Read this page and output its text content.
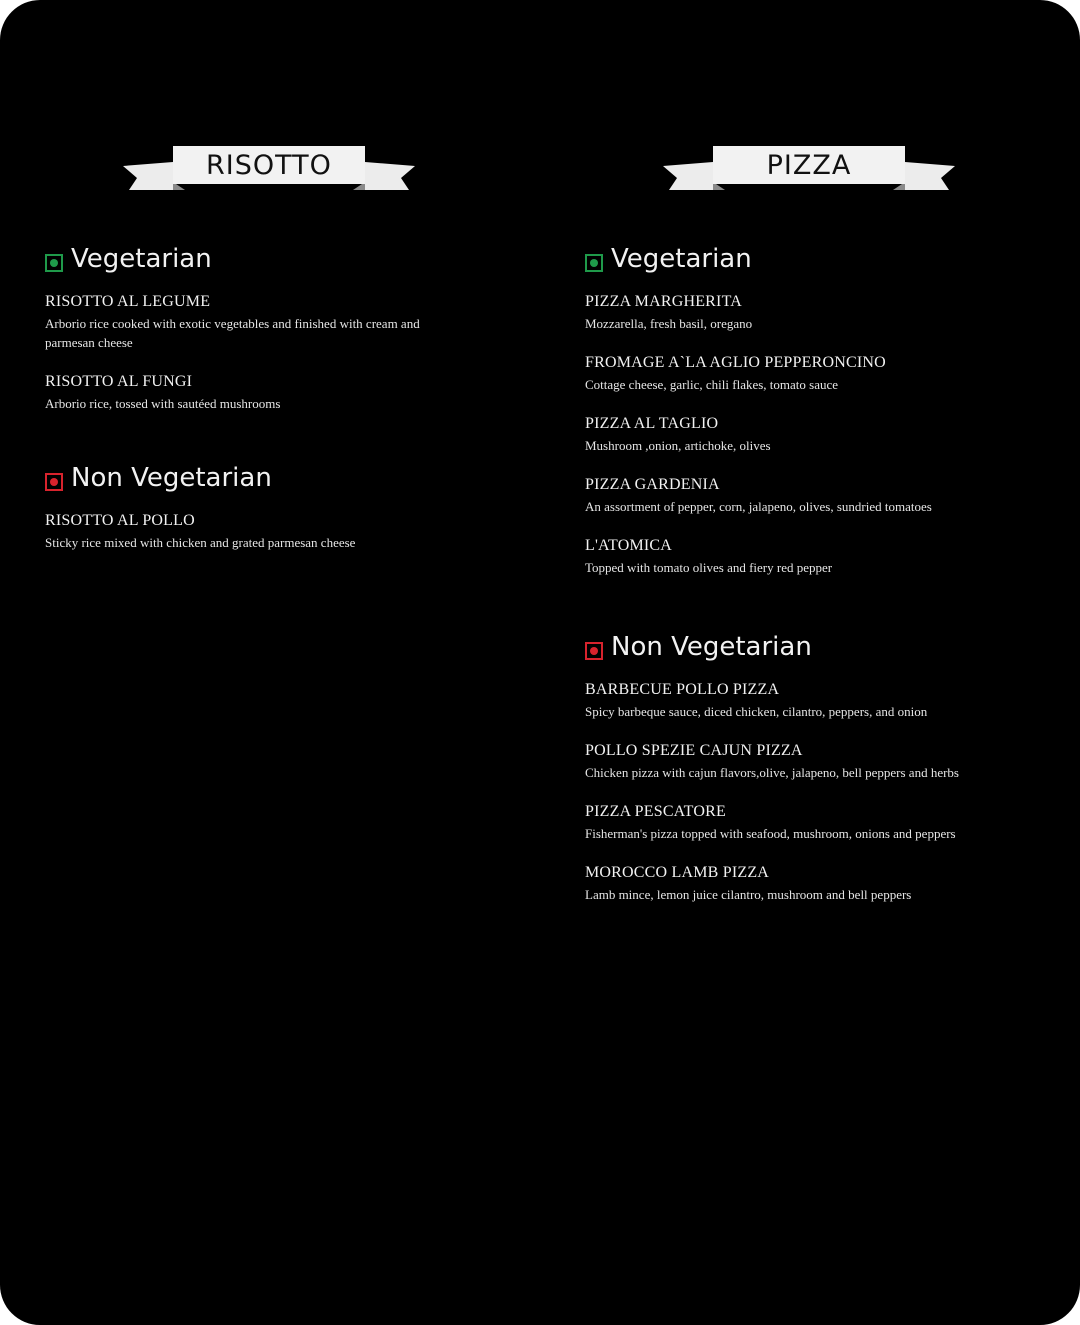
RISOTTO
Vegetarian
RISOTTO AL LEGUME
Arborio rice cooked with exotic vegetables and finished with cream and parmesan cheese
RISOTTO AL FUNGI
Arborio rice, tossed with sautéed mushrooms
Non Vegetarian
RISOTTO AL POLLO
Sticky rice mixed with chicken and grated parmesan cheese
PIZZA
Vegetarian
PIZZA MARGHERITA
Mozzarella, fresh basil, oregano
FROMAGE A`LA AGLIO PEPPERONCINO
Cottage cheese, garlic, chili flakes, tomato sauce
PIZZA AL TAGLIO
Mushroom ,onion, artichoke, olives
PIZZA GARDENIA
An assortment of pepper, corn, jalapeno, olives, sundried tomatoes
L'ATOMICA
Topped with tomato olives and fiery red pepper
Non Vegetarian
BARBECUE POLLO PIZZA
Spicy barbeque sauce, diced chicken, cilantro, peppers, and onion
POLLO SPEZIE CAJUN PIZZA
Chicken pizza with cajun flavors,olive, jalapeno, bell peppers and herbs
PIZZA PESCATORE
Fisherman's pizza topped with seafood, mushroom, onions and peppers
MOROCCO LAMB PIZZA
Lamb mince, lemon juice cilantro, mushroom and bell peppers
